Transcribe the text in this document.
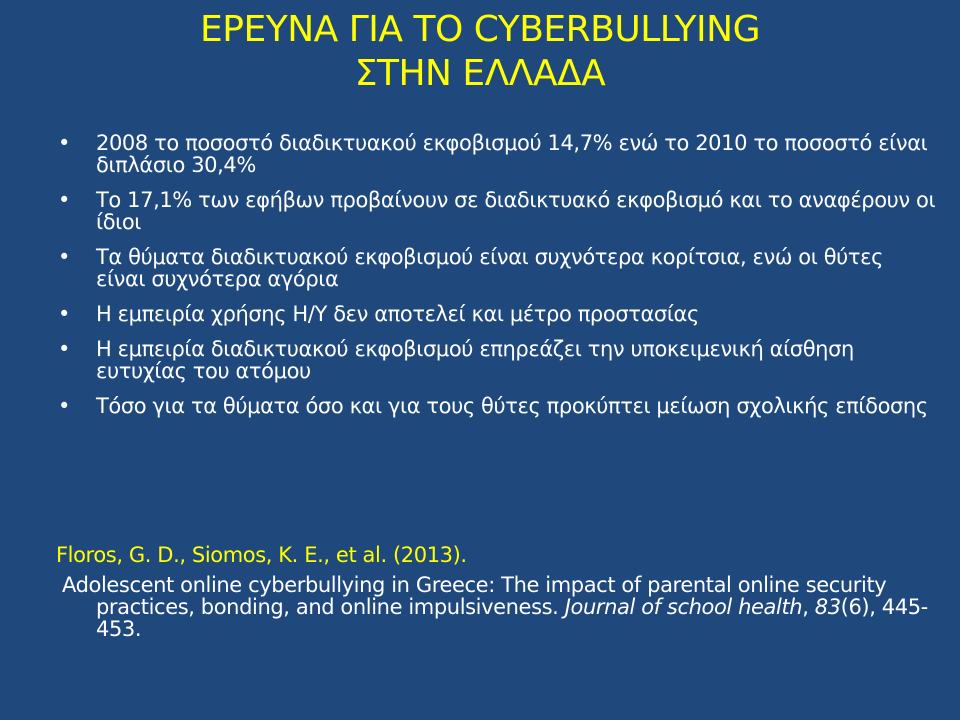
ΕΡΕΥΝΑ ΓΙΑ ΤΟ CYBERBULLYING
ΣΤΗΝ ΕΛΛΑΔΑ
• 2008 το ποσοστό διαδικτυακού εκφοβισμού 14,7% ενώ το 2010 το ποσοστό είναι διπλάσιο 30,4%
• Το 17,1% των εφήβων προβαίνουν σε διαδικτυακό εκφοβισμό και το αναφέρουν οι ίδιοι
• Τα θύματα διαδικτυακού εκφοβισμού είναι συχνότερα κορίτσια, ενώ οι θύτες είναι συχνότερα αγόρια
• Η εμπειρία χρήσης Η/Υ δεν αποτελεί και μέτρο προστασίας
• Η εμπειρία διαδικτυακού εκφοβισμού επηρεάζει την υποκειμενική αίσθηση ευτυχίας του ατόμου
• Τόσο για τα θύματα όσο και για τους θύτες προκύπτει μείωση σχολικής επίδοσης
Floros, G. D., Siomos, K. E., et al. (2013).
Adolescent online cyberbullying in Greece: The impact of parental online security practices, bonding, and online impulsiveness. Journal of school health, 83(6), 445-453.
